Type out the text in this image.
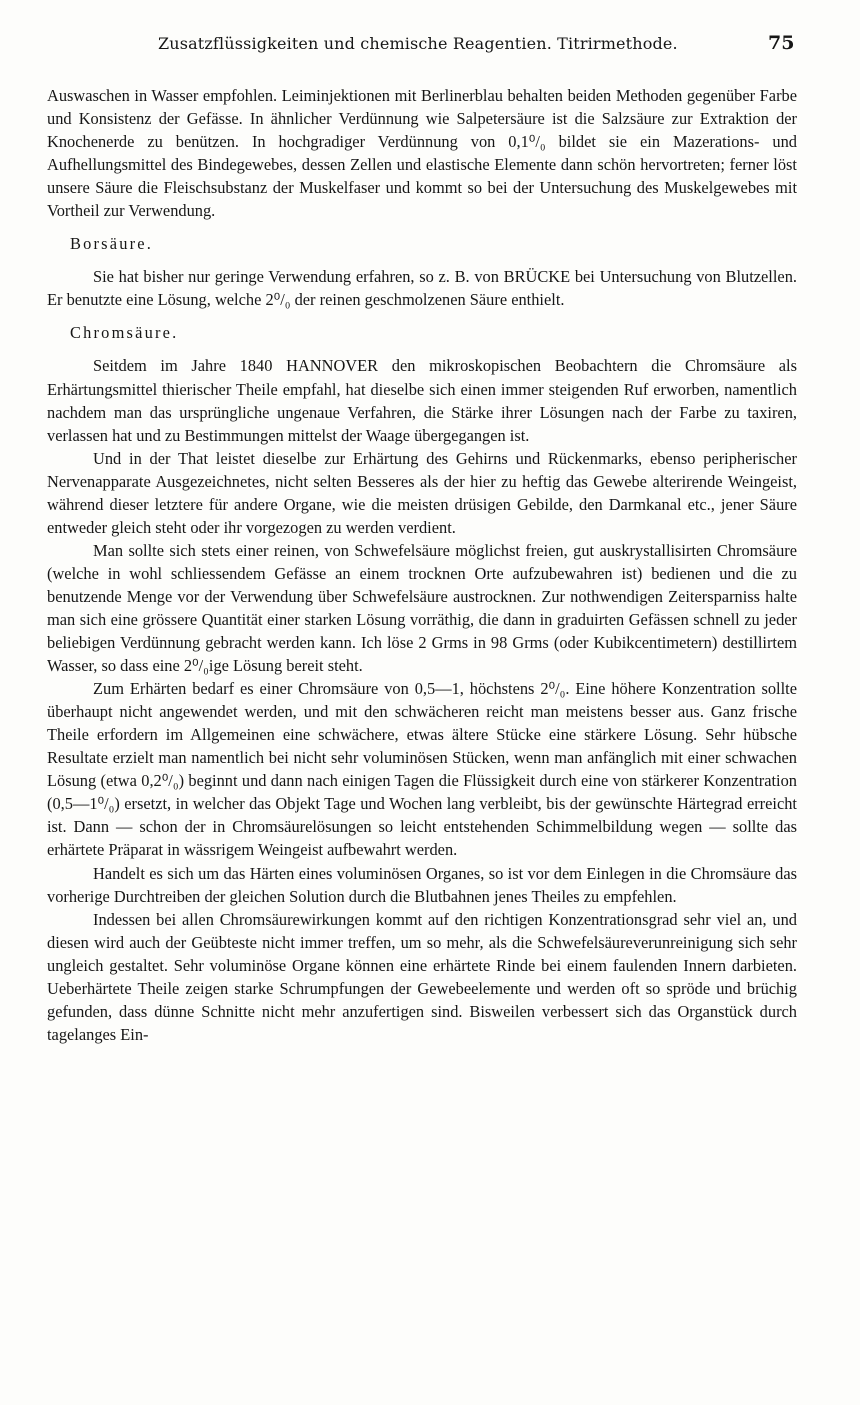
Zusatzflüssigkeiten und chemische Reagentien. Titrirmethode.	75

Auswaschen in Wasser empfohlen. Leiminjektionen mit Berlinerblau behalten beiden Methoden gegenüber Farbe und Konsistenz der Gefässe. In ähnlicher Verdünnung wie Salpetersäure ist die Salzsäure zur Extraktion der Knochenerde zu benützen. In hochgradiger Verdünnung von 0,1⁰/₀ bildet sie ein Mazerations- und Aufhellungsmittel des Bindegewebes, dessen Zellen und elastische Elemente dann schön hervortreten; ferner löst unsere Säure die Fleischsubstanz der Muskelfaser und kommt so bei der Untersuchung des Muskelgewebes mit Vortheil zur Verwendung.

Borsäure.

Sie hat bisher nur geringe Verwendung erfahren, so z. B. von BRÜCKE bei Untersuchung von Blutzellen. Er benutzte eine Lösung, welche 2⁰/₀ der reinen geschmolzenen Säure enthielt.

Chromsäure.

Seitdem im Jahre 1840 HANNOVER den mikroskopischen Beobachtern die Chromsäure als Erhärtungsmittel thierischer Theile empfahl, hat dieselbe sich einen immer steigenden Ruf erworben, namentlich nachdem man das ursprüngliche ungenaue Verfahren, die Stärke ihrer Lösungen nach der Farbe zu taxiren, verlassen hat und zu Bestimmungen mittelst der Waage übergegangen ist.

Und in der That leistet dieselbe zur Erhärtung des Gehirns und Rückenmarks, ebenso peripherischer Nervenapparate Ausgezeichnetes, nicht selten Besseres als der hier zu heftig das Gewebe alterirende Weingeist, während dieser letztere für andere Organe, wie die meisten drüsigen Gebilde, den Darmkanal etc., jener Säure entweder gleich steht oder ihr vorgezogen zu werden verdient.

Man sollte sich stets einer reinen, von Schwefelsäure möglichst freien, gut auskrystallisirten Chromsäure (welche in wohl schliessendem Gefässe an einem trocknen Orte aufzubewahren ist) bedienen und die zu benutzende Menge vor der Verwendung über Schwefelsäure austrocknen. Zur nothwendigen Zeitersparniss halte man sich eine grössere Quantität einer starken Lösung vorräthig, die dann in graduirten Gefässen schnell zu jeder beliebigen Verdünnung gebracht werden kann. Ich löse 2 Grms in 98 Grms (oder Kubikcentimetern) destillirtem Wasser, so dass eine 2⁰/₀ige Lösung bereit steht.

Zum Erhärten bedarf es einer Chromsäure von 0,5—1, höchstens 2⁰/₀. Eine höhere Konzentration sollte überhaupt nicht angewendet werden, und mit den schwächeren reicht man meistens besser aus. Ganz frische Theile erfordern im Allgemeinen eine schwächere, etwas ältere Stücke eine stärkere Lösung. Sehr hübsche Resultate erzielt man namentlich bei nicht sehr voluminösen Stücken, wenn man anfänglich mit einer schwachen Lösung (etwa 0,2⁰/₀) beginnt und dann nach einigen Tagen die Flüssigkeit durch eine von stärkerer Konzentration (0,5—1⁰/₀) ersetzt, in welcher das Objekt Tage und Wochen lang verbleibt, bis der gewünschte Härtegrad erreicht ist. Dann — schon der in Chromsäurelösungen so leicht entstehenden Schimmelbildung wegen — sollte das erhärtete Präparat in wässrigem Weingeist aufbewahrt werden.

Handelt es sich um das Härten eines voluminösen Organes, so ist vor dem Einlegen in die Chromsäure das vorherige Durchtreiben der gleichen Solution durch die Blutbahnen jenes Theiles zu empfehlen.

Indessen bei allen Chromsäurewirkungen kommt auf den richtigen Konzentrationsgrad sehr viel an, und diesen wird auch der Geübteste nicht immer treffen, um so mehr, als die Schwefelsäureverunreinigung sich sehr ungleich gestaltet. Sehr voluminöse Organe können eine erhärtete Rinde bei einem faulenden Innern darbieten. Ueberhärtete Theile zeigen starke Schrumpfungen der Gewebeelemente und werden oft so spröde und brüchig gefunden, dass dünne Schnitte nicht mehr anzufertigen sind. Bisweilen verbessert sich das Organstück durch tagelanges Ein-
